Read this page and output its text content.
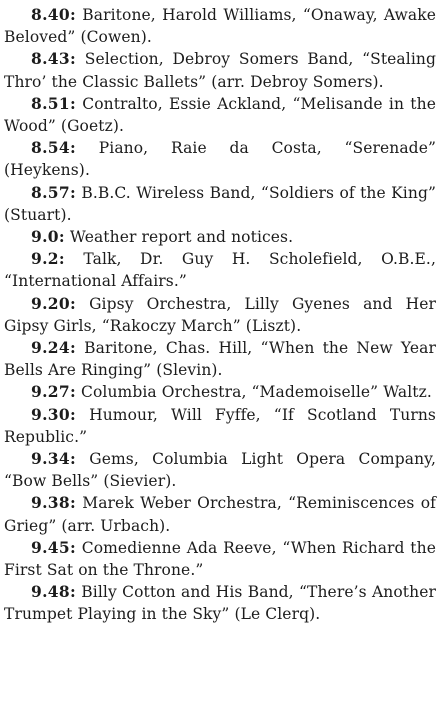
8.40: Baritone, Harold Williams, “Onaway, Awake Beloved” (Cowen).

8.43: Selection, Debroy Somers Band, “Stealing Thro’ the Classic Ballets” (arr. Debroy Somers).

8.51: Contralto, Essie Ackland, “Melisande in the Wood” (Goetz).

8.54: Piano, Raie da Costa, “Serenade” (Heykens).

8.57: B.B.C. Wireless Band, “Soldiers of the King” (Stuart).

9.0: Weather report and notices.

9.2: Talk, Dr. Guy H. Scholefield, O.B.E., “International Affairs.”

9.20: Gipsy Orchestra, Lilly Gyenes and Her Gipsy Girls, “Rakoczy March” (Liszt).

9.24: Baritone, Chas. Hill, “When the New Year Bells Are Ringing” (Slevin).

9.27: Columbia Orchestra, “Mademoiselle” Waltz.

9.30: Humour, Will Fyffe, “If Scotland Turns Republic.”

9.34: Gems, Columbia Light Opera Company, “Bow Bells” (Sievier).

9.38: Marek Weber Orchestra, “Reminiscences of Grieg” (arr. Urbach).

9.45: Comedienne Ada Reeve, “When Richard the First Sat on the Throne.”

9.48: Billy Cotton and His Band, “There’s Another Trumpet Playing in the Sky” (Le Clerq).
